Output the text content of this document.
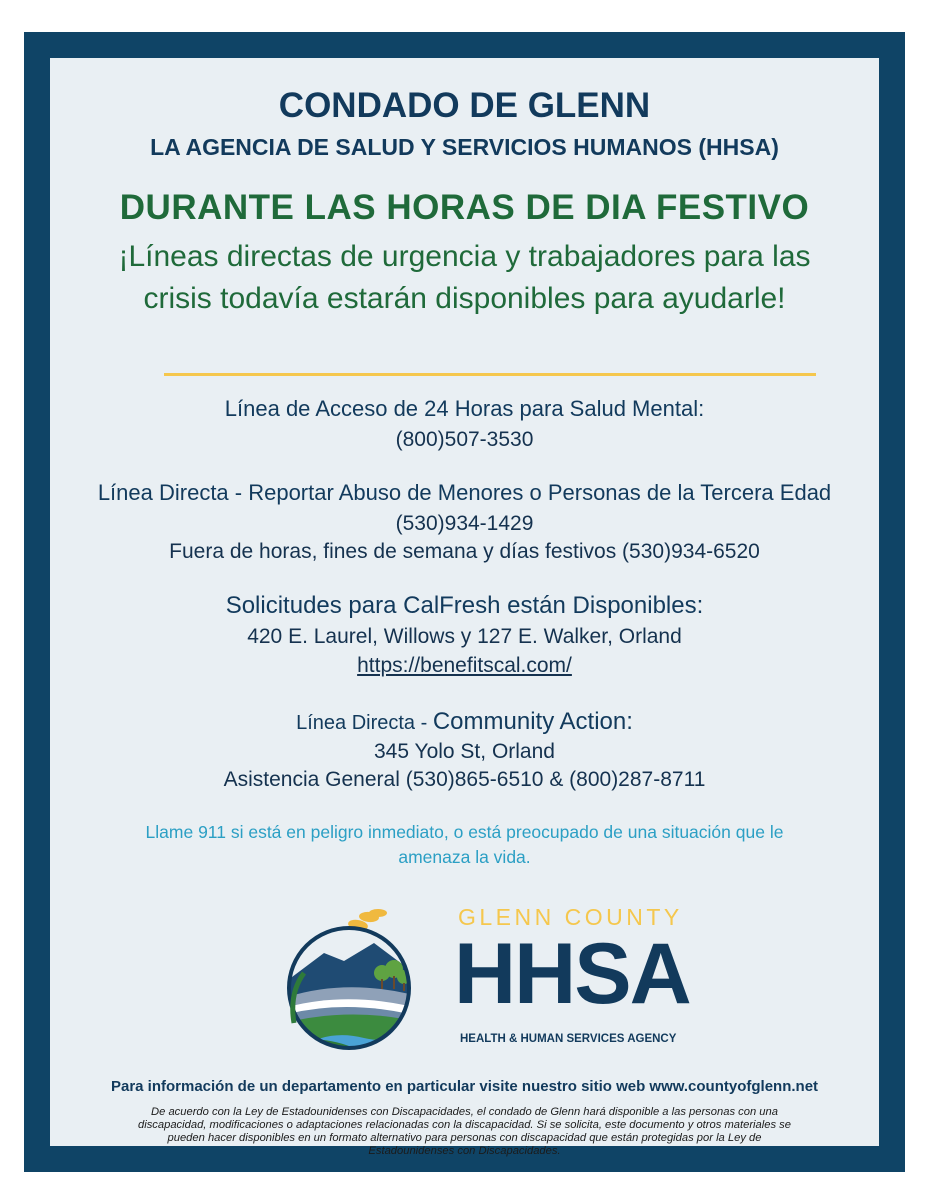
CONDADO DE GLENN
LA AGENCIA DE SALUD Y SERVICIOS HUMANOS (HHSA)
DURANTE LAS HORAS DE DIA FESTIVO
¡Líneas directas de urgencia y trabajadores para las
crisis todavía estarán disponibles para ayudarle!
Línea de Acceso de 24 Horas para Salud Mental:
(800)507-3530
Línea Directa - Reportar Abuso de Menores o Personas de la Tercera Edad
(530)934-1429
Fuera de horas, fines de semana y días festivos (530)934-6520
Solicitudes para CalFresh están Disponibles:
420 E. Laurel, Willows y 127 E. Walker, Orland
https://benefitscal.com/
Línea Directa - Community Action:
345 Yolo St, Orland
Asistencia General (530)865-6510 & (800)287-8711
Llame 911 si está en peligro inmediato, o está preocupado de una situación que le
amenaza la vida.
GLENN COUNTY
HHSA
HEALTH & HUMAN SERVICES AGENCY
Para información de un departamento en particular visite nuestro sitio web www.countyofglenn.net
De acuerdo con la Ley de Estadounidenses con Discapacidades, el condado de Glenn hará disponible a las personas con una
discapacidad, modificaciones o adaptaciones relacionadas con la discapacidad. Si se solicita, este documento y otros materiales se
pueden hacer disponibles en un formato alternativo para personas con discapacidad que están protegidas por la Ley de
Estadounidenses con Discapacidades.
